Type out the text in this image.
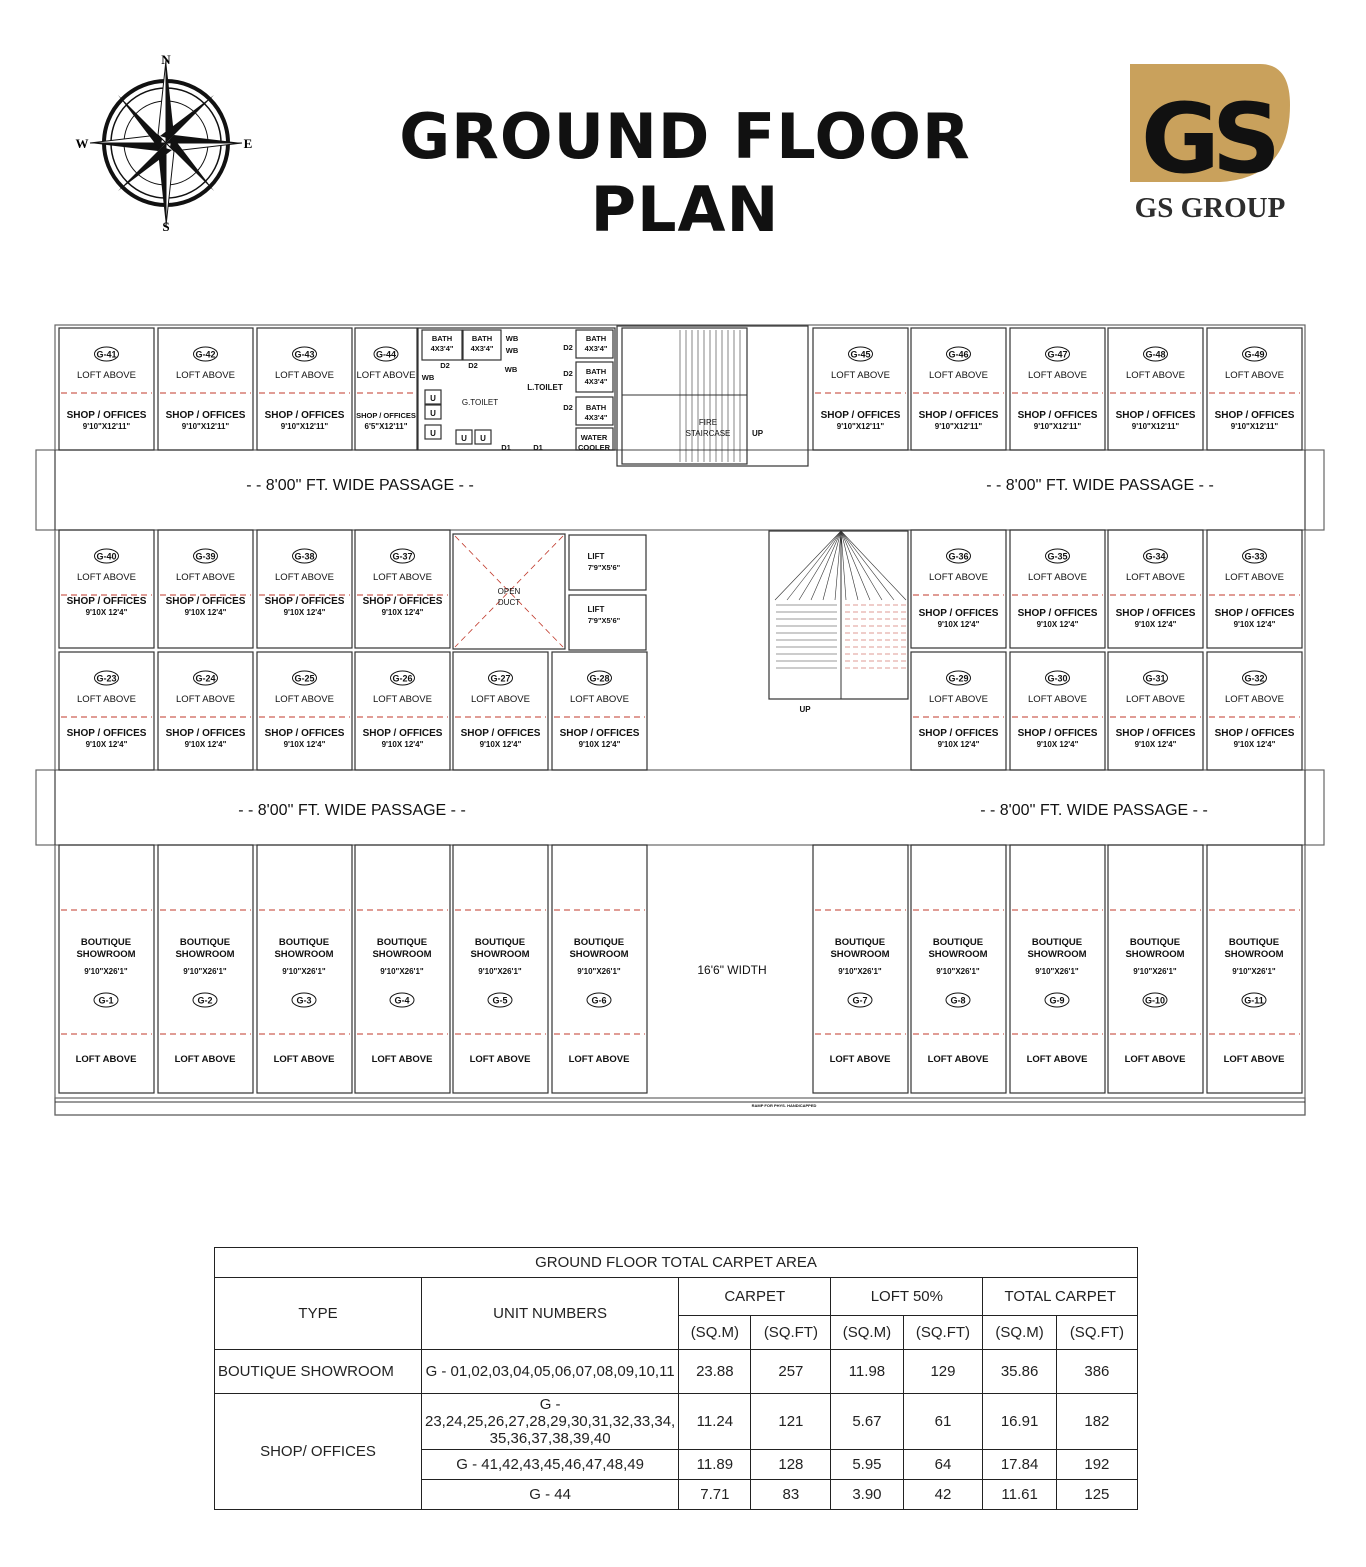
N
S
W	E	GROUND FLOOR PLAN
GS
GS GROUP
RAMP FOR PHYS. HANDICAPPED
- - 8'00'' FT. WIDE PASSAGE - -	- - 8'00'' FT. WIDE PASSAGE - -
- - 8'00'' FT. WIDE PASSAGE - -	- - 8'00'' FT. WIDE PASSAGE - -
G-41
LOFT ABOVE
SHOP / OFFICES
9'10"X12'11"
G-42
LOFT ABOVE
SHOP / OFFICES
9'10"X12'11"
G-43
LOFT ABOVE
SHOP / OFFICES
9'10"X12'11"
G-44
LOFT ABOVE
SHOP / OFFICES
6'5"X12'11"
G-45
LOFT ABOVE
SHOP / OFFICES
9'10"X12'11"
G-46
LOFT ABOVE
SHOP / OFFICES
9'10"X12'11"
G-47
LOFT ABOVE
SHOP / OFFICES
9'10"X12'11"
G-48
LOFT ABOVE
SHOP / OFFICES
9'10"X12'11"
G-49
LOFT ABOVE
SHOP / OFFICES
9'10"X12'11"
G-40
LOFT ABOVE
SHOP / OFFICES
9'10X 12'4"
G-39
LOFT ABOVE
SHOP / OFFICES
9'10X 12'4"
G-38
LOFT ABOVE
SHOP / OFFICES
9'10X 12'4"
G-37
LOFT ABOVE
SHOP / OFFICES
9'10X 12'4"
G-36
LOFT ABOVE
SHOP / OFFICES
9'10X 12'4"
G-35
LOFT ABOVE
SHOP / OFFICES
9'10X 12'4"
G-34
LOFT ABOVE
SHOP / OFFICES
9'10X 12'4"
G-33
LOFT ABOVE
SHOP / OFFICES
9'10X 12'4"
G-23
LOFT ABOVE
SHOP / OFFICES
9'10X 12'4"
G-24
LOFT ABOVE
SHOP / OFFICES
9'10X 12'4"
G-25
LOFT ABOVE
SHOP / OFFICES
9'10X 12'4"
G-26
LOFT ABOVE
SHOP / OFFICES
9'10X 12'4"
G-27
LOFT ABOVE
SHOP / OFFICES
9'10X 12'4"
G-28
LOFT ABOVE
SHOP / OFFICES
9'10X 12'4"
G-29
LOFT ABOVE
SHOP / OFFICES
9'10X 12'4"
G-30
LOFT ABOVE
SHOP / OFFICES
9'10X 12'4"
G-31
LOFT ABOVE
SHOP / OFFICES
9'10X 12'4"
G-32
LOFT ABOVE
SHOP / OFFICES
9'10X 12'4"
BOUTIQUE
SHOWROOM
9'10"X26'1"
G-1
LOFT ABOVE
BOUTIQUE
SHOWROOM
9'10"X26'1"
G-2
LOFT ABOVE
BOUTIQUE
SHOWROOM
9'10"X26'1"
G-3
LOFT ABOVE
BOUTIQUE
SHOWROOM
9'10"X26'1"
G-4
LOFT ABOVE
BOUTIQUE
SHOWROOM
9'10"X26'1"
G-5
LOFT ABOVE
BOUTIQUE
SHOWROOM
9'10"X26'1"
G-6
LOFT ABOVE
BOUTIQUE
SHOWROOM
9'10"X26'1"
G-7
LOFT ABOVE
BOUTIQUE
SHOWROOM
9'10"X26'1"
G-8
LOFT ABOVE
BOUTIQUE
SHOWROOM
9'10"X26'1"
G-9
LOFT ABOVE
BOUTIQUE
SHOWROOM
9'10"X26'1"
G-10
LOFT ABOVE
BOUTIQUE
SHOWROOM
9'10"X26'1"
G-11
LOFT ABOVE
16'6" WIDTH
BATH
4X3'4"
BATH
4X3'4"
WB
WB
WB
WB
D2 D2
U
U
U
U U
G.TOILET
L.TOILET
D1	D1
BATH
4X3'4"
BATH
4X3'4"
BATH
4X3'4"
D2
D2
D2
WATER
COOLER
FIRE
STAIRCASE	UP
OPEN
DUCT
LIFT
7'9"X5'6"
LIFT
7'9"X5'6"
UP
GROUND FLOOR TOTAL CARPET AREA							
TYPE	UNIT NUMBERS	CARPET		LOFT 50%		TOTAL CARPET	
		(SQ.M)	(SQ.FT)	(SQ.M)	(SQ.FT)	(SQ.M)	(SQ.FT)
BOUTIQUE SHOWROOM	G - 01,02,03,04,05,06,07,08,09,10,11	23.88	257	11.98	129	35.86	386
SHOP/ OFFICES	G - 23,24,25,26,27,28,29,30,31,32,33,34,
35,36,37,38,39,40	11.24	121	5.67	61	16.91	182
	G - 41,42,43,45,46,47,48,49	11.89	128	5.95	64	17.84	192
	G - 44	7.71	83	3.90	42	11.61	125
